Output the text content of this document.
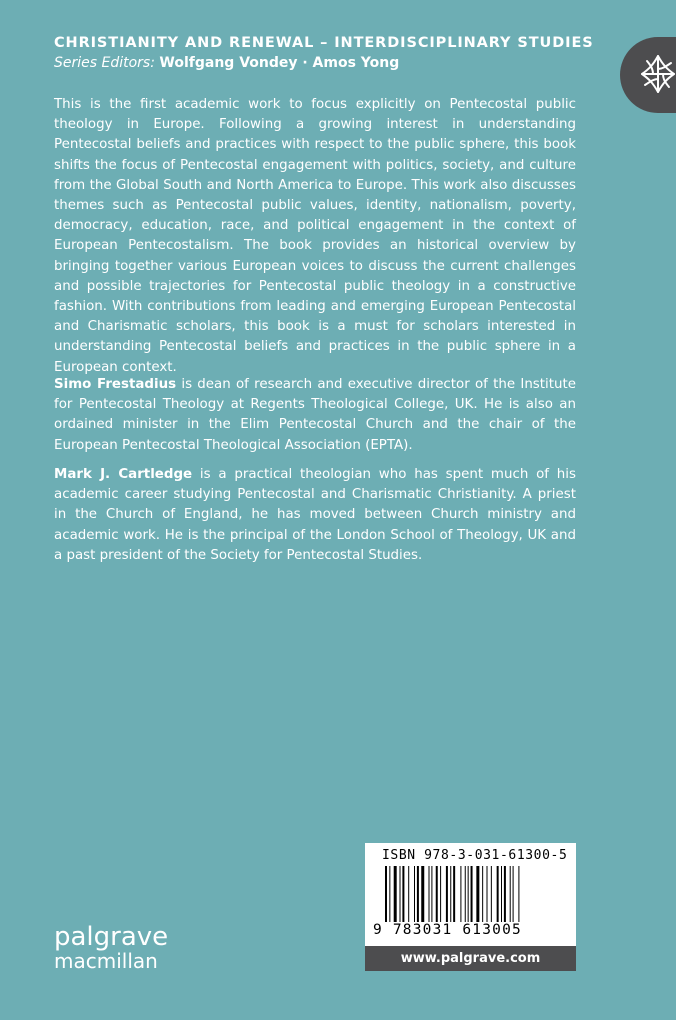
CHRISTIANITY AND RENEWAL – INTERDISCIPLINARY STUDIES
Series Editors: Wolfgang Vondey · Amos Yong

This is the first academic work to focus explicitly on Pentecostal public theology in Europe. Following a growing interest in understanding Pentecostal beliefs and practices with respect to the public sphere, this book shifts the focus of Pentecostal engagement with politics, society, and culture from the Global South and North America to Europe. This work also discusses themes such as Pentecostal public values, identity, nationalism, poverty, democracy, education, race, and political engagement in the context of European Pentecostalism. The book provides an historical overview by bringing together various European voices to discuss the current challenges and possible trajectories for Pentecostal public theology in a constructive fashion. With contributions from leading and emerging European Pentecostal and Charismatic scholars, this book is a must for scholars interested in understanding Pentecostal beliefs and practices in the public sphere in a European context.

Simo Frestadius is dean of research and executive director of the Institute for Pentecostal Theology at Regents Theological College, UK. He is also an ordained minister in the Elim Pentecostal Church and the chair of the European Pentecostal Theological Association (EPTA).

Mark J. Cartledge is a practical theologian who has spent much of his academic career studying Pentecostal and Charismatic Christianity. A priest in the Church of England, he has moved between Church ministry and academic work. He is the principal of the London School of Theology, UK and a past president of the Society for Pentecostal Studies.

palgrave
macmillan
ISBN 978-3-031-61300-5
9 783031 613005
www.palgrave.com
